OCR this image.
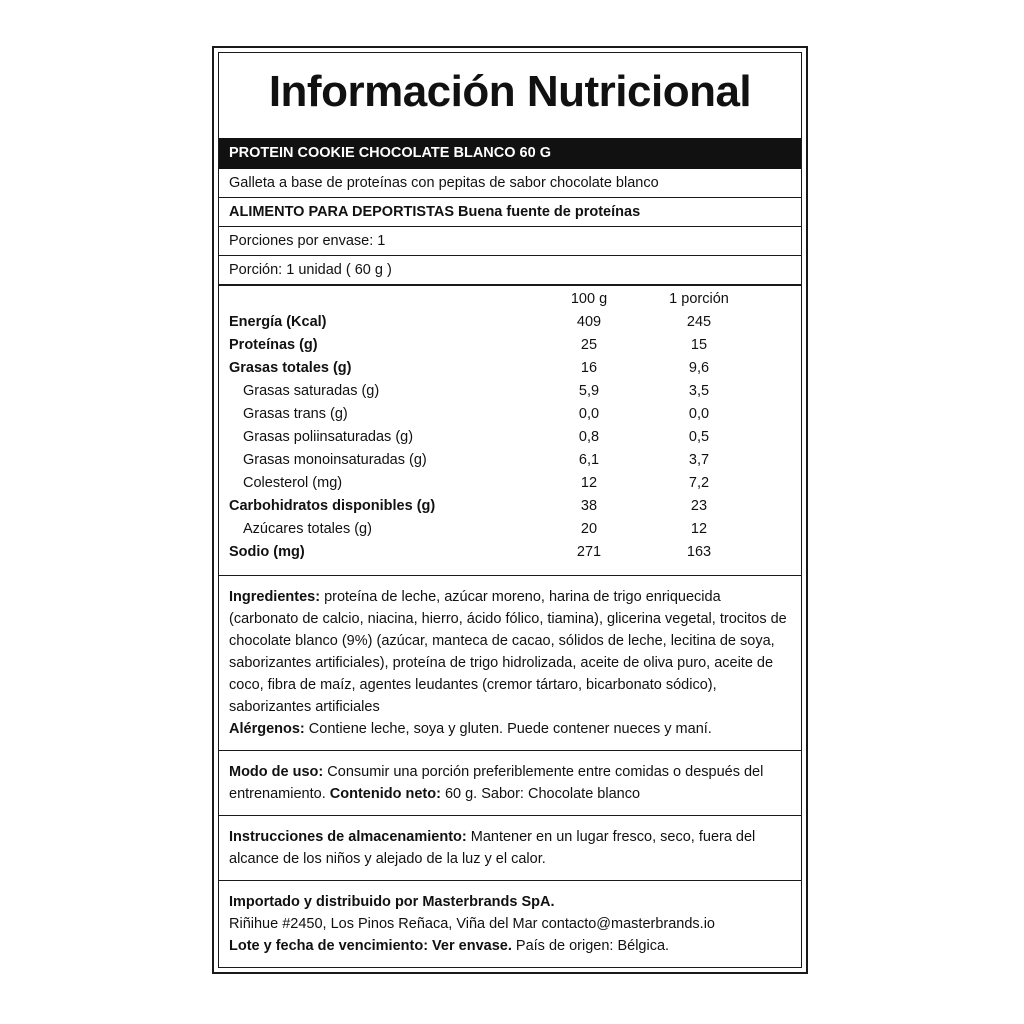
Información Nutricional
PROTEIN COOKIE CHOCOLATE BLANCO 60 G
Galleta a base de proteínas con pepitas de sabor chocolate blanco
ALIMENTO PARA DEPORTISTAS Buena fuente de proteínas
Porciones por envase: 1
Porción: 1 unidad ( 60 g )
100 g	1 porción
Energía (Kcal)	409	245
Proteínas (g)	25	15
Grasas totales (g)	16	9,6
Grasas saturadas (g)	5,9	3,5
Grasas trans (g)	0,0	0,0
Grasas poliinsaturadas (g)	0,8	0,5
Grasas monoinsaturadas (g)	6,1	3,7
Colesterol (mg)	12	7,2
Carbohidratos disponibles (g)	38	23
Azúcares totales (g)	20	12
Sodio (mg)	271	163

Ingredientes: proteína de leche, azúcar moreno, harina de trigo enriquecida (carbonato de calcio, niacina, hierro, ácido fólico, tiamina), glicerina vegetal, trocitos de chocolate blanco (9%) (azúcar, manteca de cacao, sólidos de leche, lecitina de soya, saborizantes artificiales), proteína de trigo hidrolizada, aceite de oliva puro, aceite de coco, fibra de maíz, agentes leudantes (cremor tártaro, bicarbonato sódico), saborizantes artificiales

Alérgenos: Contiene leche, soya y gluten. Puede contener nueces y maní.

Modo de uso: Consumir una porción preferiblemente entre comidas o después del entrenamiento. Contenido neto: 60 g. Sabor: Chocolate blanco

Instrucciones de almacenamiento: Mantener en un lugar fresco, seco, fuera del alcance de los niños y alejado de la luz y el calor.

Importado y distribuido por Masterbrands SpA.

Riñihue #2450, Los Pinos Reñaca, Viña del Mar contacto@masterbrands.io

Lote y fecha de vencimiento: Ver envase. País de origen: Bélgica.
